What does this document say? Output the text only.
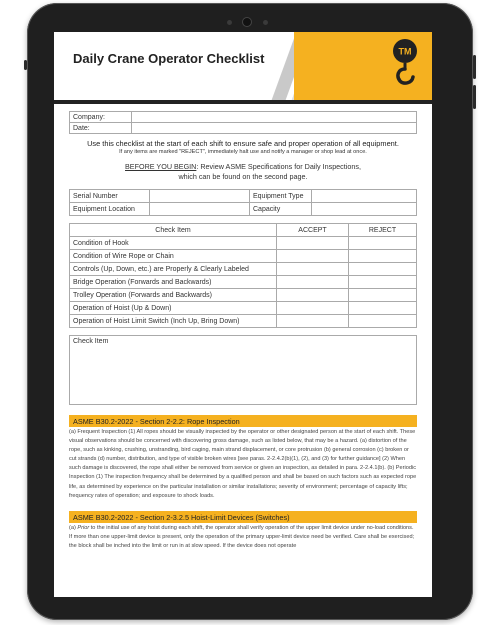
Daily Crane Operator Checklist	TM
Company:	
Date:	
Use this checklist at the start of each shift to ensure safe and proper operation of all equipment.
If any items are marked "REJECT", immediately halt use and notify a manager or shop lead at once.
BEFORE YOU BEGIN: Review ASME Specifications for Daily Inspections,
which can be found on the second page.
Serial Number		Equipment Type	
Equipment Location		Capacity	
Check Item	ACCEPT	REJECT
Condition of Hook		
Condition of Wire Rope or Chain		
Controls (Up, Down, etc.) are Properly & Clearly Labeled		
Bridge Operation (Forwards and Backwards)		
Trolley Operation (Forwards and Backwards)		
Operation of Hoist (Up & Down)		
Operation of Hoist Limit Switch (Inch Up, Bring Down)		
Check Item
ASME B30.2-2022 - Section 2-2.2: Rope Inspection
(a) Frequent Inspection (1) All ropes should be visually inspected by the operator or other designated person at the start of each shift. These visual observations should be concerned with discovering gross damage, such as listed below, that may be a hazard. (a) distortion of the rope, such as kinking, crushing, unstranding, bird caging, main strand displacement, or core protrusion (b) general corrosion (c) broken or cut strands (d) number, distribution, and type of visible broken wires [see paras. 2-2.4.2(b)(1), (2), and (3) for further guidance] (2) When such damage is discovered, the rope shall either be removed from service or given an inspection, as detailed in para. 2-2.4.1(b). (b) Periodic Inspection (1) The inspection frequency shall be determined by a qualified person and shall be based on such factors such as expected rope life, as determined by experience on the particular installation or similar installations; severity of environment; percentage of capacity lifts; frequency rates of operation; and exposure to shock loads.
ASME B30.2-2022 - Section 2-3.2.5 Hoist-Limit Devices (Switches)
(a) Prior to the initial use of any hoist during each shift, the operator shall verify operation of the upper limit device under no-load conditions. If more than one upper-limit device is present, only the operation of the primary upper-limit device need be verified. Care shall be exercised; the block shall be inched into the limit or run in at slow speed. If the device does not operate
